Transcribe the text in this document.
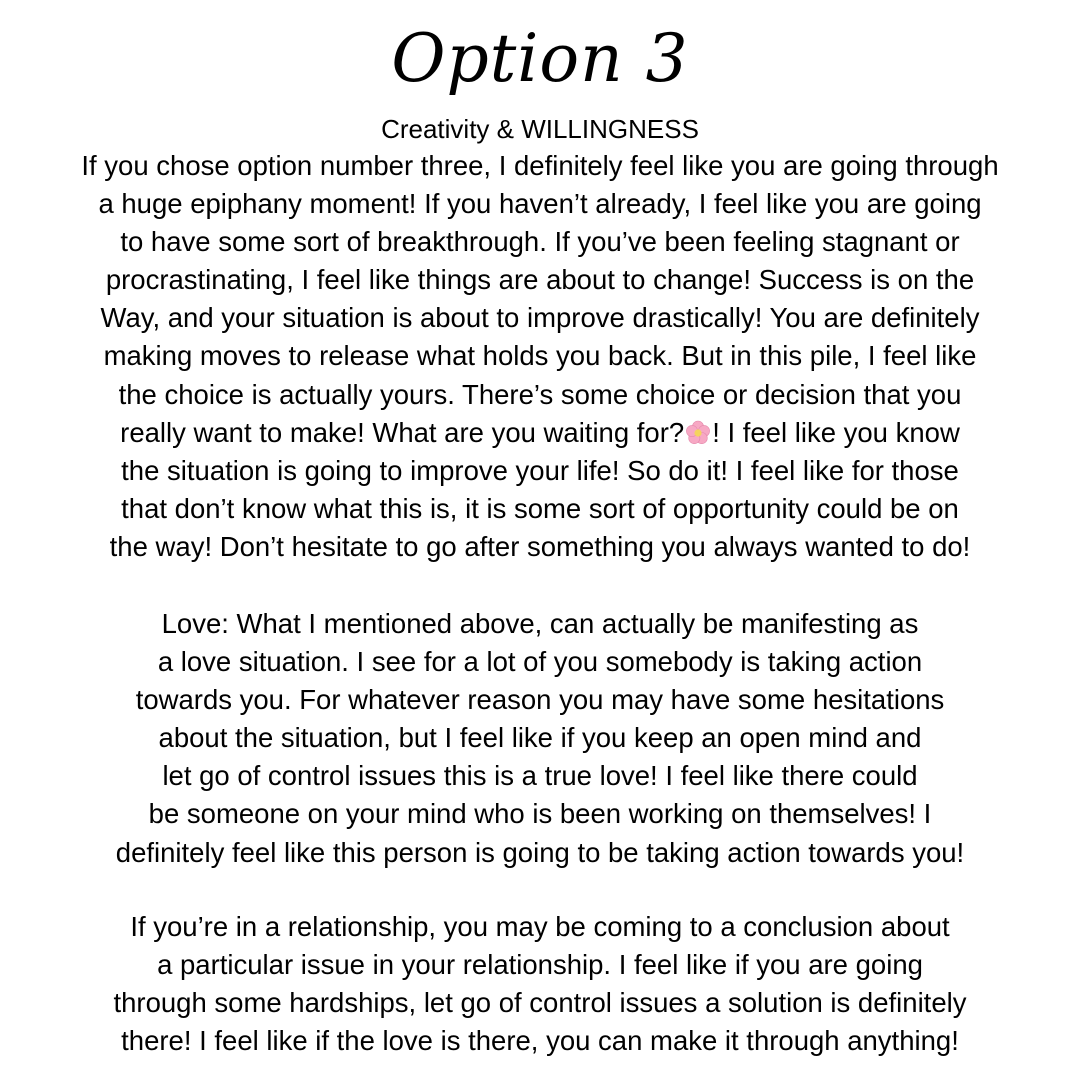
Option 3
Creativity & WILLINGNESS
If you chose option number three, I definitely feel like you are going through
a huge epiphany moment! If you haven’t already, I feel like you are going
to have some sort of breakthrough. If you’ve been feeling stagnant or
procrastinating, I feel like things are about to change! Success is on the
Way, and your situation is about to improve drastically! You are definitely
making moves to release what holds you back. But in this pile, I feel like
the choice is actually yours. There’s some choice or decision that you
really want to make! What are you waiting for? ! I feel like you know
the situation is going to improve your life! So do it! I feel like for those
that don’t know what this is, it is some sort of opportunity could be on
the way! Don’t hesitate to go after something you always wanted to do!
Love: What I mentioned above, can actually be manifesting as
a love situation. I see for a lot of you somebody is taking action
towards you. For whatever reason you may have some hesitations
about the situation, but I feel like if you keep an open mind and
let go of control issues this is a true love! I feel like there could
be someone on your mind who is been working on themselves! I
definitely feel like this person is going to be taking action towards you!
If you’re in a relationship, you may be coming to a conclusion about
a particular issue in your relationship. I feel like if you are going
through some hardships, let go of control issues a solution is definitely
there! I feel like if the love is there, you can make it through anything!
